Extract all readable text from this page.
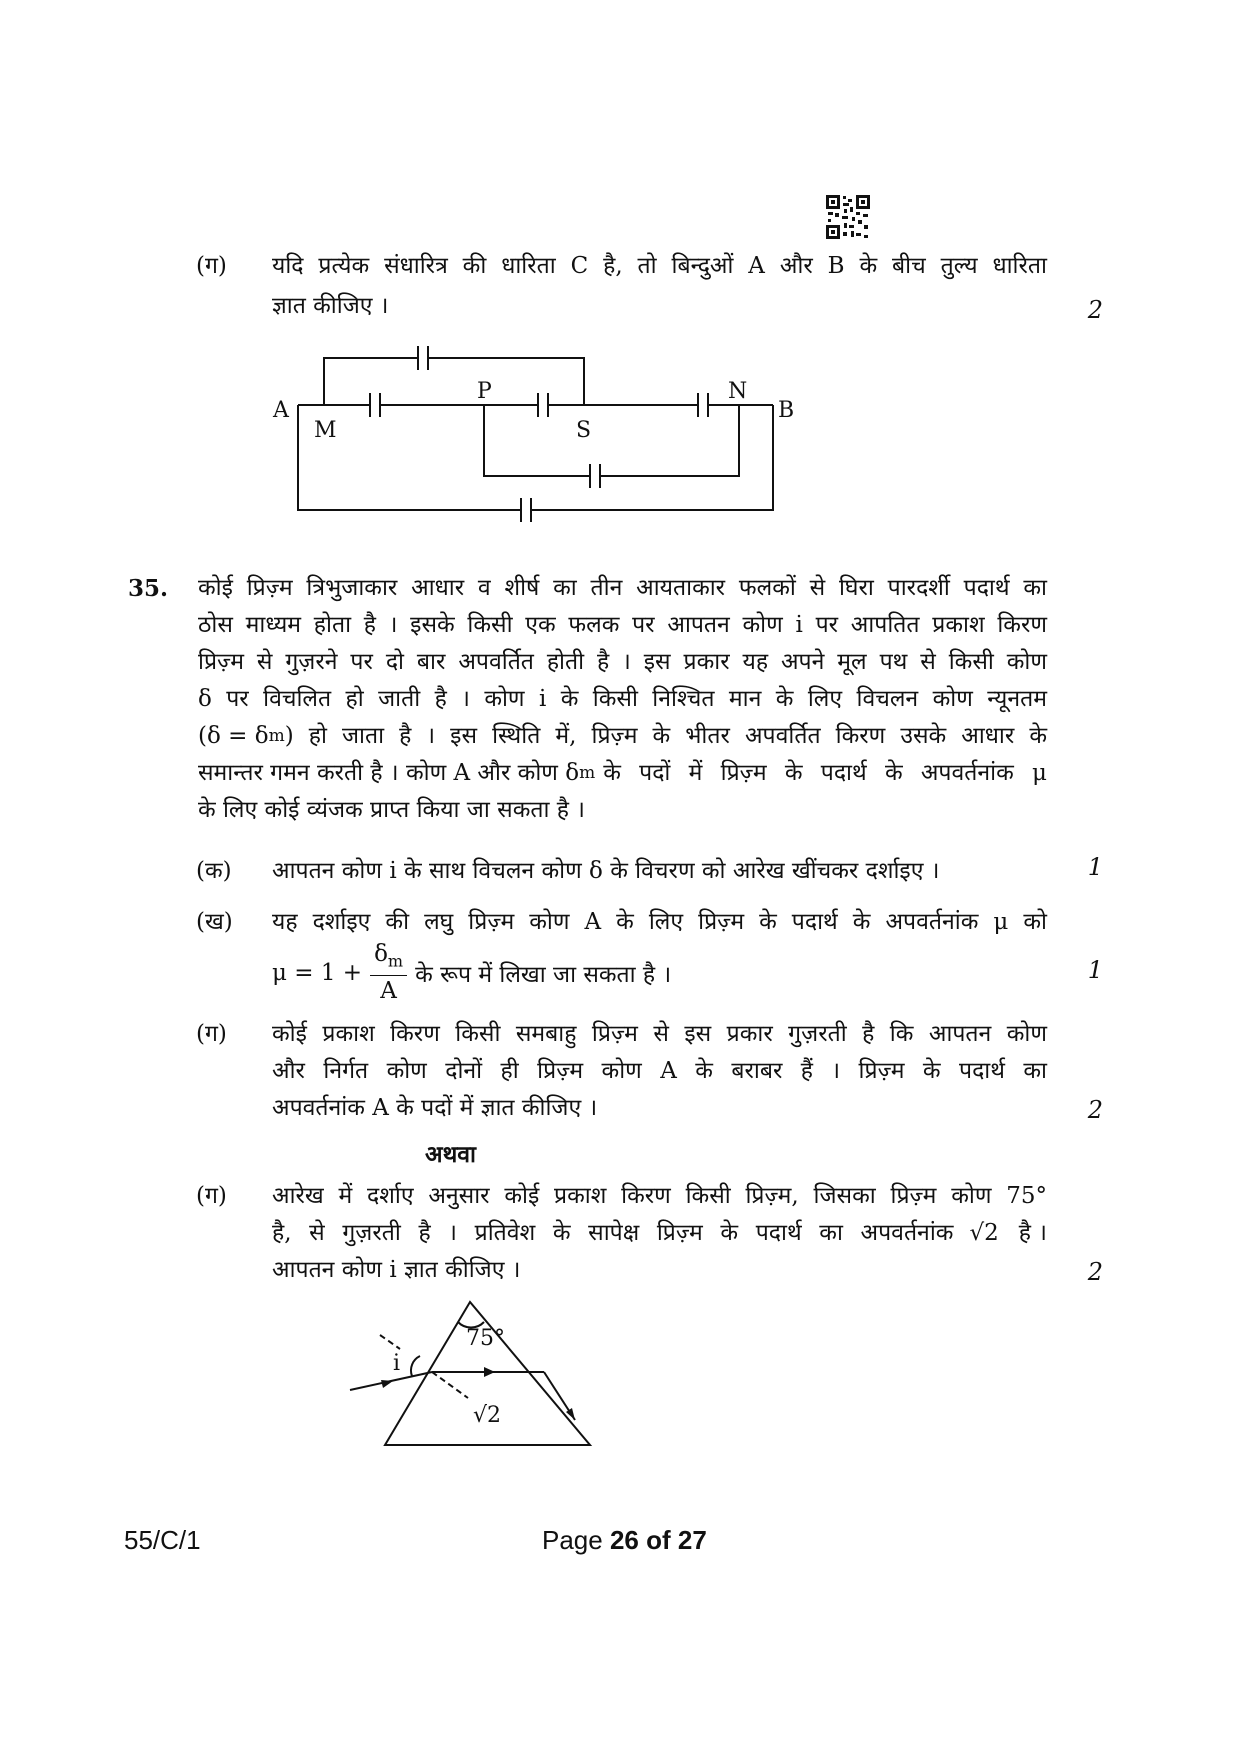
(ग) यदि प्रत्येक संधारित्र की धारिता C है, तो बिन्दुओं A और B के बीच तुल्य धारिता
ज्ञात कीजिए ।	2
A
M
P
S
N
B
35. कोई प्रिज़्म त्रिभुजाकार आधार व शीर्ष का तीन आयताकार फलकों से घिरा पारदर्शी पदार्थ का
ठोस माध्यम होता है । इसके किसी एक फलक पर आपतन कोण i पर आपतित प्रकाश किरण
प्रिज़्म से गुज़रने पर दो बार अपवर्तित होती है । इस प्रकार यह अपने मूल पथ से किसी कोण
δ पर विचलित हो जाती है । कोण i के किसी निश्चित मान के लिए विचलन कोण न्यूनतम
(δ = δ m ) हो जाता है । इस स्थिति में, प्रिज़्म के भीतर अपवर्तित किरण उसके आधार के
समान्तर गमन करती है । कोण A और कोण δ m के पदों में प्रिज़्म के पदार्थ के अपवर्तनांक μ
के लिए कोई व्यंजक प्राप्त किया जा सकता है ।
(क) आपतन कोण i के साथ विचलन कोण δ के विचरण को आरेख खींचकर दर्शाइए ।	1
(ख) यह दर्शाइए की लघु प्रिज़्म कोण A के लिए प्रिज़्म के पदार्थ के अपवर्तनांक μ को
$\mu = 1 + \frac{\delta_m}{A}$ के रूप में लिखा जा सकता है ।	1
(ग) कोई प्रकाश किरण किसी समबाहु प्रिज़्म से इस प्रकार गुज़रती है कि आपतन कोण
और निर्गत कोण दोनों ही प्रिज़्म कोण A के बराबर हैं । प्रिज़्म के पदार्थ का
अपवर्तनांक A के पदों में ज्ञात कीजिए ।	2
अथवा
(ग) आरेख में दर्शाए अनुसार कोई प्रकाश किरण किसी प्रिज़्म, जिसका प्रिज़्म कोण 75°
है, से गुज़रती है । प्रतिवेश के सापेक्ष प्रिज़्म के पदार्थ का अपवर्तनांक √2 है ।
आपतन कोण i ज्ञात कीजिए ।	2
75°
i
√2
55/C/1	Page 26 of 27
